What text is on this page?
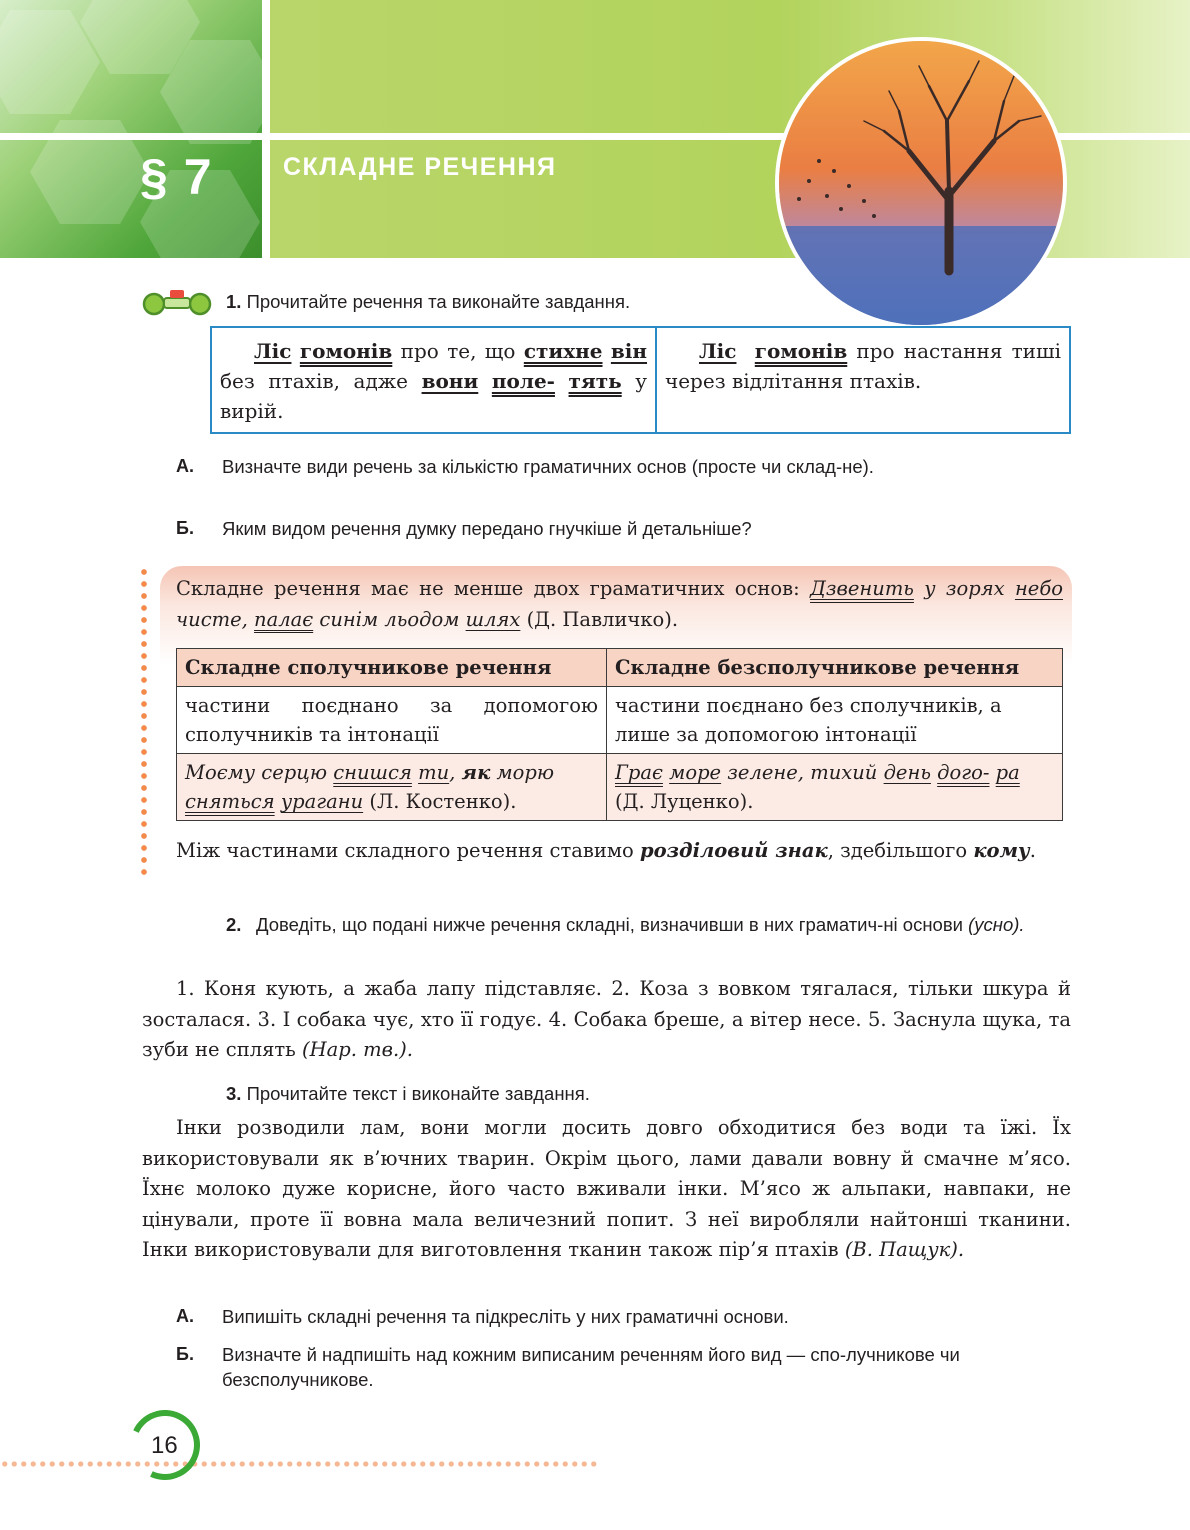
§ 7	СКЛАДНЕ РЕЧЕННЯ
1. Прочитайте речення та виконайте завдання.
Ліс гомонів про те, що стихне він без птахів, адже вони поле- тять у вирій.
Ліс гомонів про настання тиші через відлітання птахів.
А. Визначте види речень за кількістю граматичних основ (просте чи склад-не).
Б. Яким видом речення думку передано гнучкіше й детальніше?
Складне речення має не менше двох граматичних основ: Дзвенить у зорях небо чисте, палає синім льодом шлях (Д. Павличко).
Складне сполучникове речення	Складне безсполучникове речення
частини поєднано за допомогою сполучників та інтонації	частини поєднано без сполучників, а лише за допомогою інтонації
Моєму серцю снишся ти, як морю сняться урагани (Л. Костенко).	Грає море зелене, тихий день дого- ра (Д. Луценко).
Між частинами складного речення ставимо розділовий знак, здебільшого кому.
2. Доведіть, що подані нижче речення складні, визначивши в них граматич-ні основи (усно).
1. Коня кують, а жаба лапу підставляє. 2. Коза з вовком тягалася, тільки шкура й зосталася. 3. І собака чує, хто її годує. 4. Собака бреше, а вітер несе. 5. Заснула щука, та зуби не сплять (Нар. тв.).
3. Прочитайте текст і виконайте завдання.
Інки розводили лам, вони могли досить довго обходитися без води та їжі. Їх використовували як в’ючних тварин. Окрім цього, лами давали вовну й смачне м’ясо. Їхнє молоко дуже корисне, його часто вживали інки. М’ясо ж альпаки, навпаки, не цінували, проте її вовна мала величезний попит. З неї виробляли найтонші тканини. Інки використовували для виготовлення тканин також пір’я птахів (В. Пащук).
А. Випишіть складні речення та підкресліть у них граматичні основи.
Б. Визначте й надпишіть над кожним виписаним реченням його вид — спо-лучникове чи безсполучникове.
16
